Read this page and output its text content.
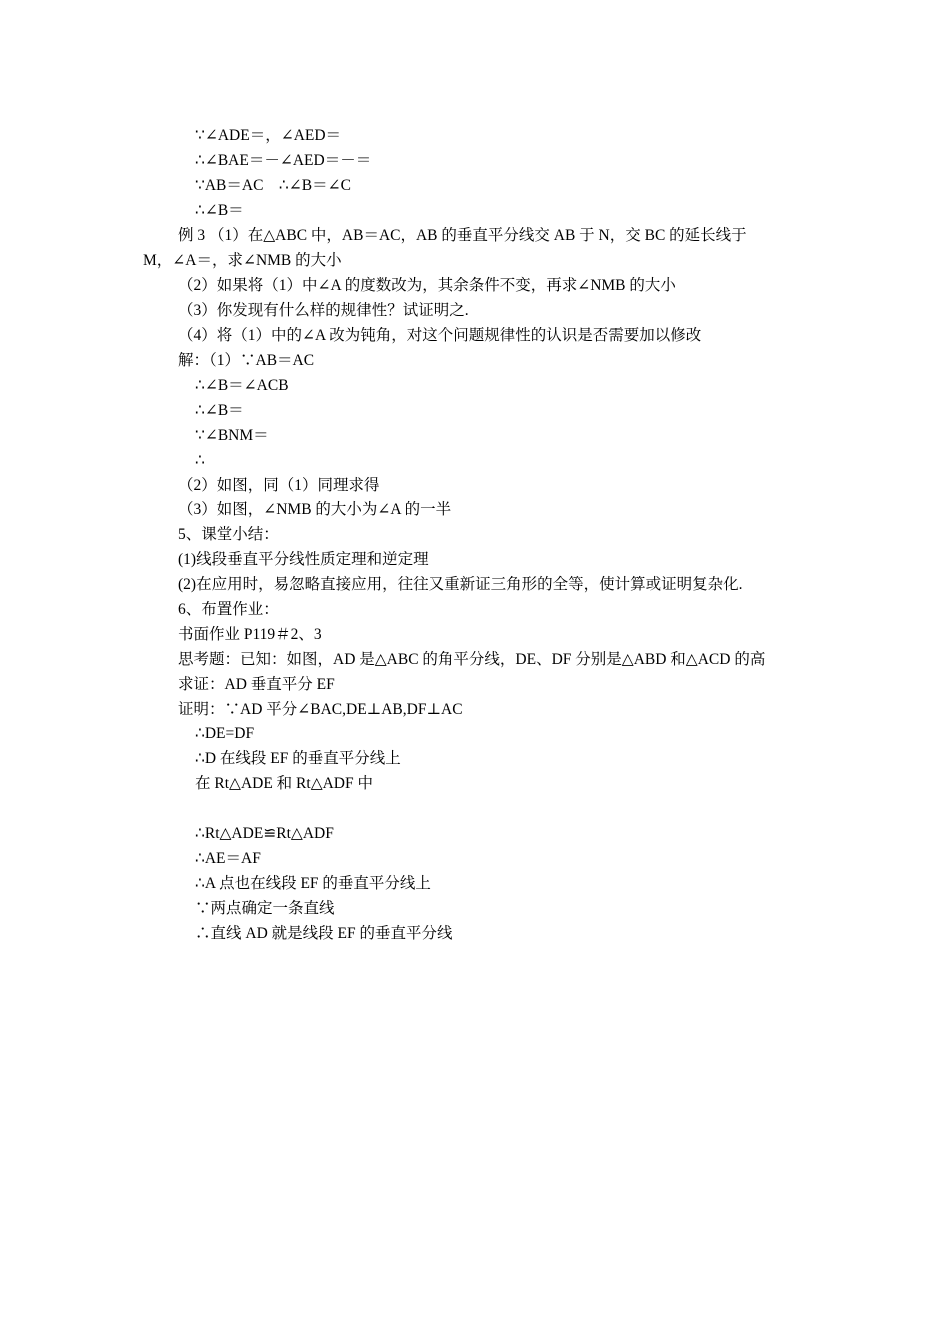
∵∠ADE＝，∠AED＝
∴∠BAE＝－∠AED＝－＝
∵AB＝AC　∴∠B＝∠C
∴∠B＝
例 3 （1）在△ABC 中，AB＝AC，AB 的垂直平分线交 AB 于 N，交 BC 的延长线于
M，∠A＝，求∠NMB 的大小
（2）如果将（1）中∠A 的度数改为，其余条件不变，再求∠NMB 的大小
（3）你发现有什么样的规律性？试证明之.
（4）将（1）中的∠A 改为钝角，对这个问题规律性的认识是否需要加以修改
解：（1）∵AB＝AC
∴∠B＝∠ACB
∴∠B＝
∵∠BNM＝
∴
（2）如图，同（1）同理求得
（3）如图，∠NMB 的大小为∠A 的一半
5、课堂小结：
(1)线段垂直平分线性质定理和逆定理
(2)在应用时，易忽略直接应用，往往又重新证三角形的全等，使计算或证明复杂化.
6、布置作业：
书面作业 P119＃2、3
思考题：已知：如图，AD 是△ABC 的角平分线，DE、DF 分别是△ABD 和△ACD 的高
求证：AD 垂直平分 EF
证明：∵AD 平分∠BAC,DE⊥AB,DF⊥AC
∴DE=DF
∴D 在线段 EF 的垂直平分线上
在 Rt△ADE 和 Rt△ADF 中
∴Rt△ADE≌Rt△ADF
∴AE＝AF
∴A 点也在线段 EF 的垂直平分线上
∵两点确定一条直线
∴直线 AD 就是线段 EF 的垂直平分线
